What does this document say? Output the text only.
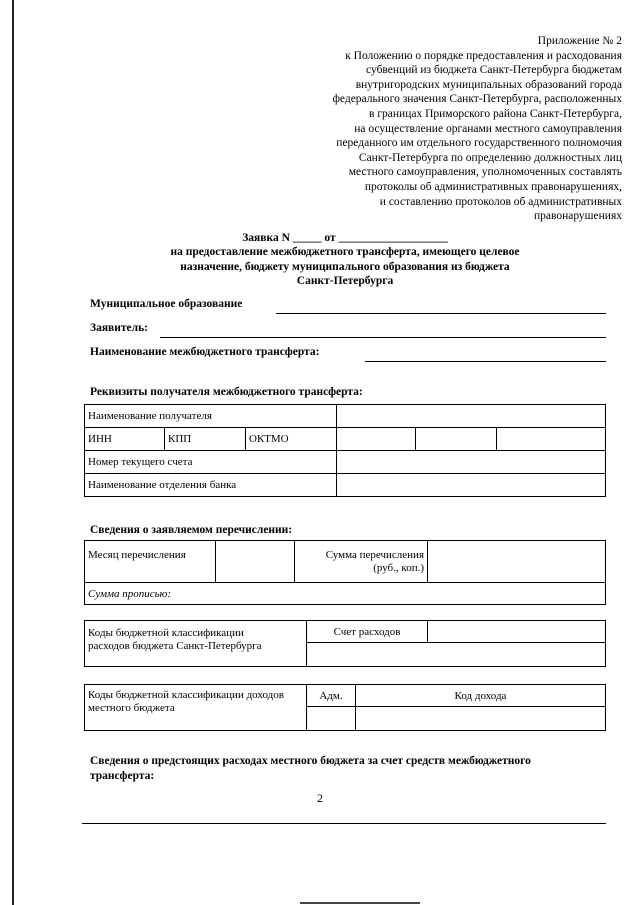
Приложение № 2
к Положению о порядке предоставления и расходования
субвенций из бюджета Санкт-Петербурга бюджетам
внутригородских муниципальных образований города
федерального значения Санкт-Петербурга, расположенных
в границах Приморского района Санкт-Петербурга,
на осуществление органами местного самоуправления
переданного им отдельного государственного полномочия
Санкт-Петербурга по определению должностных лиц
местного самоуправления, уполномоченных составлять
протоколы об административных правонарушениях,
и составлению протоколов об административных
правонарушениях
Заявка N _____ от ___________________
на предоставление межбюджетного трансферта, имеющего целевое
назначение, бюджету муниципального образования из бюджета
Санкт-Петербурга
Муниципальное образование
Заявитель:
Наименование межбюджетного трансферта:
Реквизиты получателя межбюджетного трансферта:
Наименование получателя					
ИНН	КПП	ОКТМО			
Номер текущего счета					
Наименование отделения банка					
Сведения о заявляемом перечислении:
Месяц перечисления		Сумма перечисления
(руб., коп.)

Сумма прописью:
Коды бюджетной классификации
расходов бюджета Санкт-Петербурга
	Счет расходов	

Коды бюджетной классификации доходов
местного бюджета	Адм.	Код дохода

Сведения о предстоящих расходах местного бюджета за счет средств межбюджетного
трансферта:
2
